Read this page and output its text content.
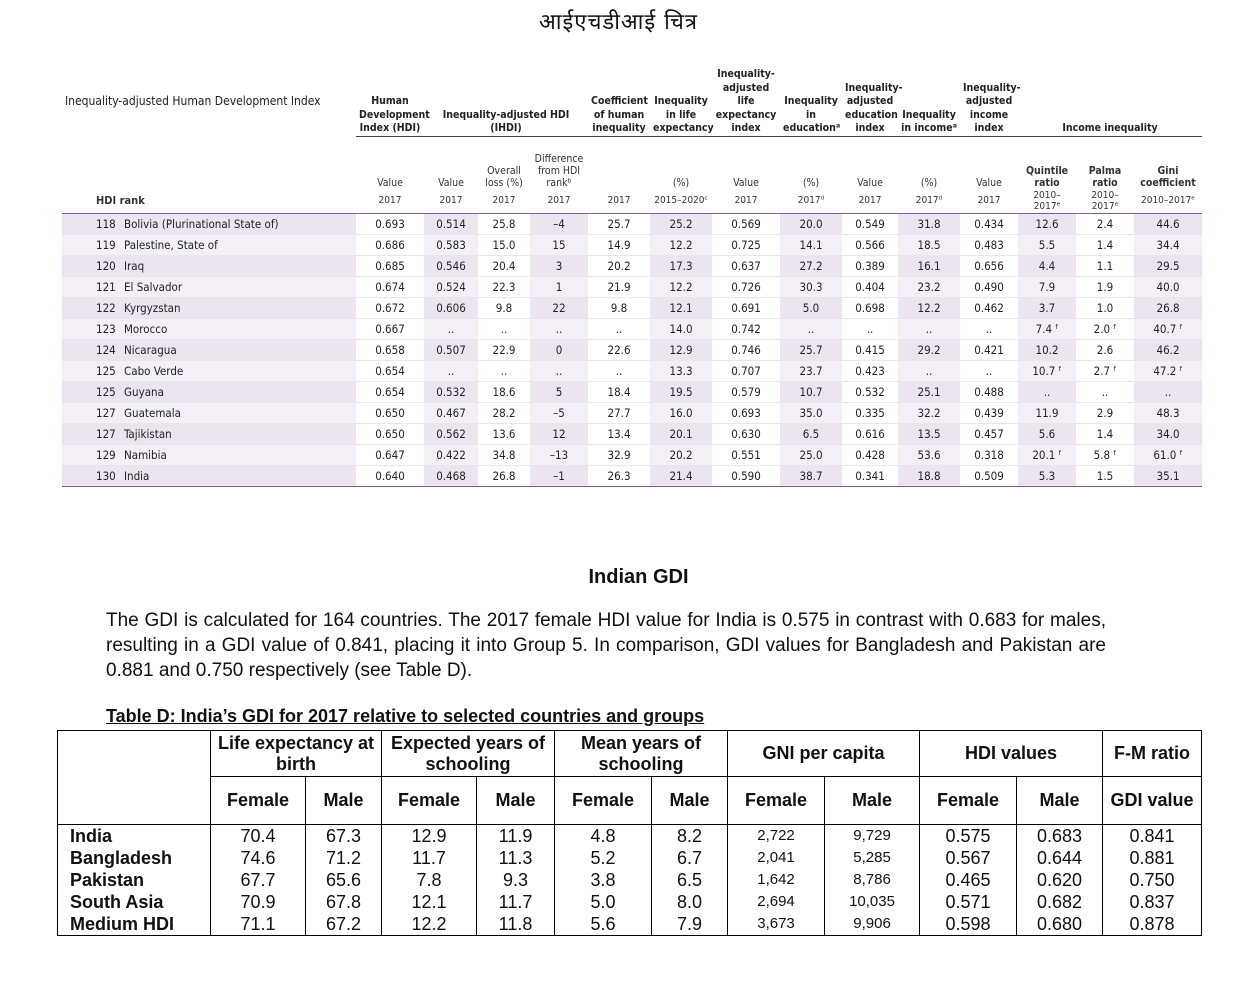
आईएचडीआई चित्र
Inequality-adjusted Human Development Index	Human Development Index (HDI)	Inequality-adjusted HDI (IHDI)			Coefficient of human inequality	Inequality in life expectancy	Inequality-adjusted life expectancy index	Inequality in educationᵃ	Inequality-adjusted education index	Inequality in incomeᵃ	Inequality-adjusted income index	Income inequality			
	Value	Value	Overall loss (%)	Difference from HDI rankᵇ		(%)	Value	(%)	Value	(%)	Value	Quintile ratio	Palma ratio	Gini coefficient	
HDI rank	2017	2017	2017	2017	2017	2015–2020ᶜ	2017	2017ᵈ	2017	2017ᵈ	2017	2010–2017ᵉ	2010–2017ᵉ	2010–2017ᵉ	
118 Bolivia (Plurinational State of)	0.693	0.514	25.8	–4	25.7	25.2	0.569	20.0	0.549	31.8	0.434	12.6	2.4	44.6	
119 Palestine, State of	0.686	0.583	15.0	15	14.9	12.2	0.725	14.1	0.566	18.5	0.483	5.5	1.4	34.4	
120 Iraq	0.685	0.546	20.4	3	20.2	17.3	0.637	27.2	0.389	16.1	0.656	4.4	1.1	29.5	
121 El Salvador	0.674	0.524	22.3	1	21.9	12.2	0.726	30.3	0.404	23.2	0.490	7.9	1.9	40.0	
122 Kyrgyzstan	0.672	0.606	9.8	22	9.8	12.1	0.691	5.0	0.698	12.2	0.462	3.7	1.0	26.8	
123 Morocco	0.667	..	..	..	..	14.0	0.742	..	..	..	..	7.4 ᶠ	2.0 ᶠ	40.7 ᶠ	
124 Nicaragua	0.658	0.507	22.9	0	22.6	12.9	0.746	25.7	0.415	29.2	0.421	10.2	2.6	46.2	
125 Cabo Verde	0.654	..	..	..	..	13.3	0.707	23.7	0.423	..	..	10.7 ᶠ	2.7 ᶠ	47.2 ᶠ	
125 Guyana	0.654	0.532	18.6	5	18.4	19.5	0.579	10.7	0.532	25.1	0.488	..	..	..	
127 Guatemala	0.650	0.467	28.2	–5	27.7	16.0	0.693	35.0	0.335	32.2	0.439	11.9	2.9	48.3	
127 Tajikistan	0.650	0.562	13.6	12	13.4	20.1	0.630	6.5	0.616	13.5	0.457	5.6	1.4	34.0	
129 Namibia	0.647	0.422	34.8	–13	32.9	20.2	0.551	25.0	0.428	53.6	0.318	20.1 ᶠ	5.8 ᶠ	61.0 ᶠ	
130 India	0.640	0.468	26.8	–1	26.3	21.4	0.590	38.7	0.341	18.8	0.509	5.3	1.5	35.1	
Indian GDI
The GDI is calculated for 164 countries. The 2017 female HDI value for India is 0.575 in contrast with 0.683 for males, resulting in a GDI value of 0.841, placing it into Group 5. In comparison, GDI values for Bangladesh and Pakistan are 0.881 and 0.750 respectively (see Table D).
Table D: India’s GDI for 2017 relative to selected countries and groups
	Life expectancy at birth		Expected years of schooling		Mean years of schooling		GNI per capita		HDI values		F-M ratio
	Female	Male	Female	Male	Female	Male	Female	Male	Female	Male	GDI value
India	70.4	67.3	12.9	11.9	4.8	8.2	2,722	9,729	0.575	0.683	0.841
Bangladesh	74.6	71.2	11.7	11.3	5.2	6.7	2,041	5,285	0.567	0.644	0.881
Pakistan	67.7	65.6	7.8	9.3	3.8	6.5	1,642	8,786	0.465	0.620	0.750
South Asia	70.9	67.8	12.1	11.7	5.0	8.0	2,694	10,035	0.571	0.682	0.837
Medium HDI	71.1	67.2	12.2	11.8	5.6	7.9	3,673	9,906	0.598	0.680	0.878
